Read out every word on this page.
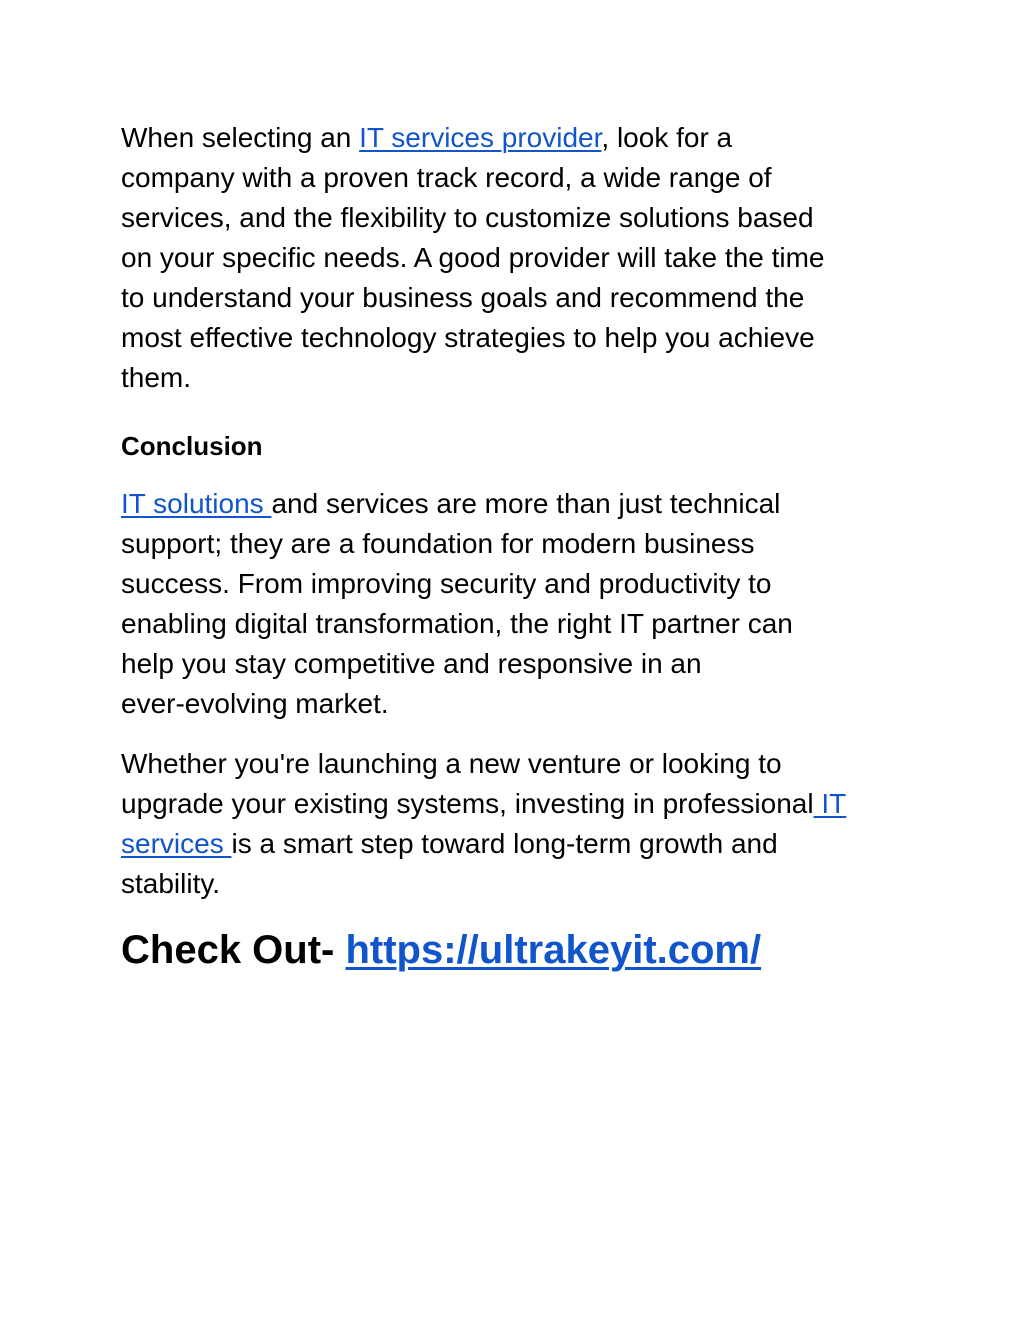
When selecting an IT services provider, look for a
company with a proven track record, a wide range of
services, and the flexibility to customize solutions based
on your specific needs. A good provider will take the time
to understand your business goals and recommend the
most effective technology strategies to help you achieve
them.

Conclusion

IT solutions and services are more than just technical
support; they are a foundation for modern business
success. From improving security and productivity to
enabling digital transformation, the right IT partner can
help you stay competitive and responsive in an
ever-evolving market.

Whether you're launching a new venture or looking to
upgrade your existing systems, investing in professional IT
services is a smart step toward long-term growth and
stability.

Check Out- https://ultrakeyit.com/
